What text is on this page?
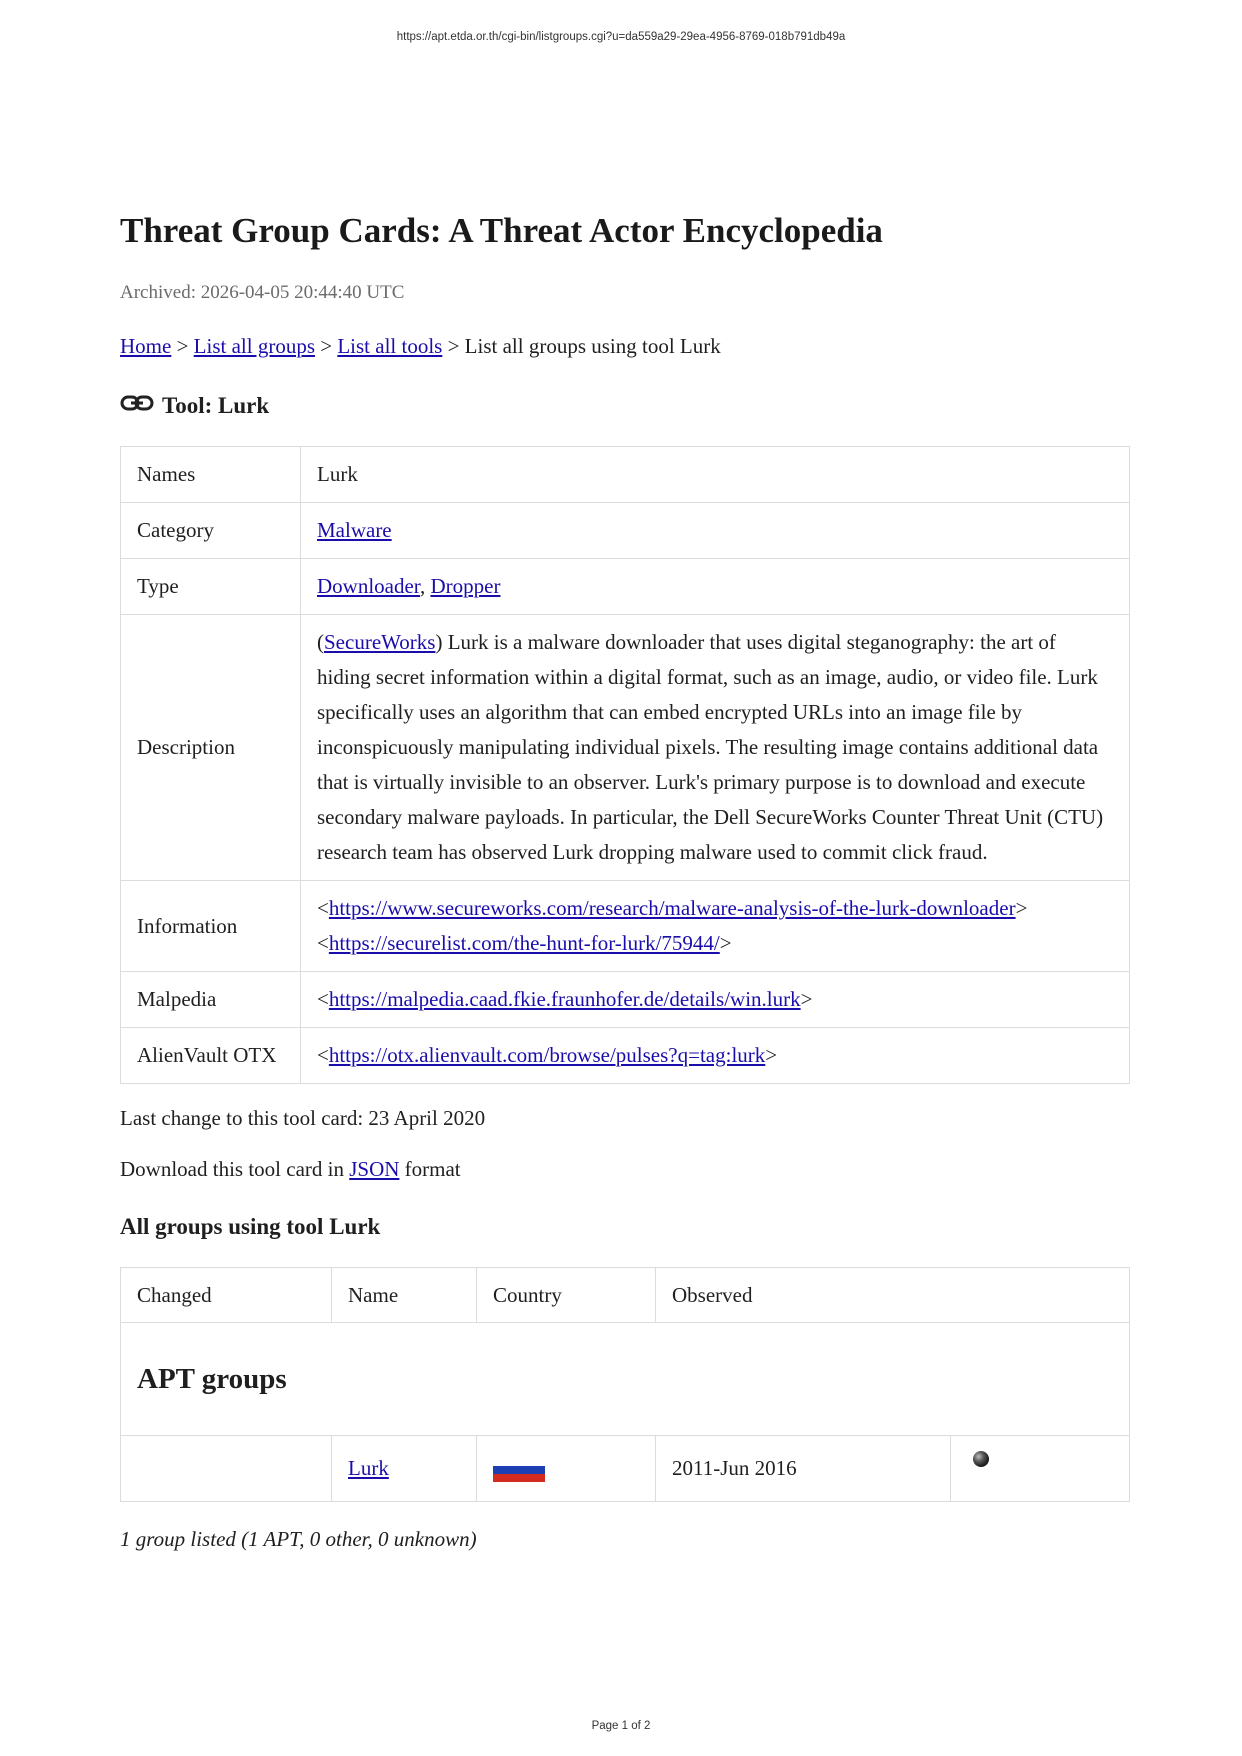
https://apt.etda.or.th/cgi-bin/listgroups.cgi?u=da559a29-29ea-4956-8769-018b791db49a
Threat Group Cards: A Threat Actor Encyclopedia
Archived: 2026-04-05 20:44:40 UTC
Home > List all groups > List all tools > List all groups using tool Lurk
Tool: Lurk
Names	Lurk
Category	Malware
Type	Downloader, Dropper
Description	(SecureWorks) Lurk is a malware downloader that uses digital steganography: the art of hiding secret information within a digital format, such as an image, audio, or video file. Lurk specifically uses an algorithm that can embed encrypted URLs into an image file by inconspicuously manipulating individual pixels. The resulting image contains additional data that is virtually invisible to an observer. Lurk's primary purpose is to download and execute secondary malware payloads. In particular, the Dell SecureWorks Counter Threat Unit (CTU) research team has observed Lurk dropping malware used to commit click fraud.
Information	<https://www.secureworks.com/research/malware-analysis-of-the-lurk-downloader>
<https://securelist.com/the-hunt-for-lurk/75944/>
Malpedia	<https://malpedia.caad.fkie.fraunhofer.de/details/win.lurk>
AlienVault OTX	<https://otx.alienvault.com/browse/pulses?q=tag:lurk>
Last change to this tool card: 23 April 2020
Download this tool card in JSON format
All groups using tool Lurk
Changed	Name	Country	Observed	
APT groups				
	Lurk		2011-Jun 2016	
1 group listed (1 APT, 0 other, 0 unknown)
Page 1 of 2
